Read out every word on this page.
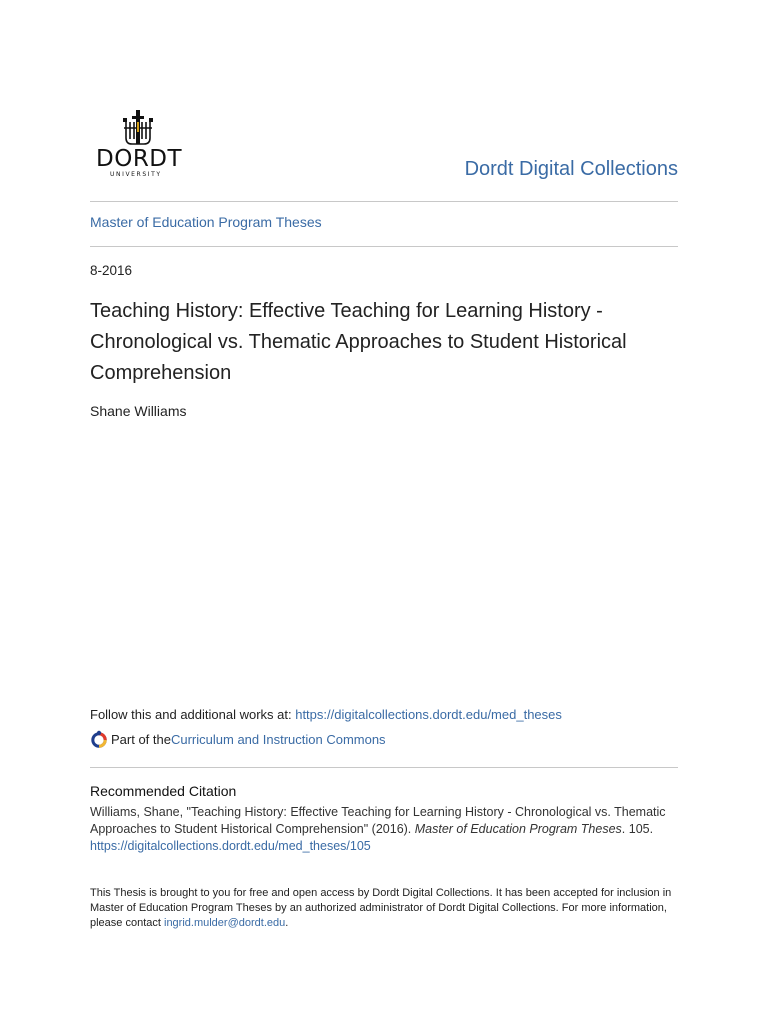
DORDT
UNIVERSITY	Dordt Digital Collections
Master of Education Program Theses
8-2016
Teaching History: Effective Teaching for Learning History - Chronological vs. Thematic Approaches to Student Historical Comprehension
Shane Williams
Follow this and additional works at: https://digitalcollections.dordt.edu/med_theses
Part of the Curriculum and Instruction Commons
Recommended Citation
Williams, Shane, "Teaching History: Effective Teaching for Learning History - Chronological vs. Thematic Approaches to Student Historical Comprehension" (2016). Master of Education Program Theses. 105.
https://digitalcollections.dordt.edu/med_theses/105
This Thesis is brought to you for free and open access by Dordt Digital Collections. It has been accepted for inclusion in Master of Education Program Theses by an authorized administrator of Dordt Digital Collections. For more information, please contact ingrid.mulder@dordt.edu.
